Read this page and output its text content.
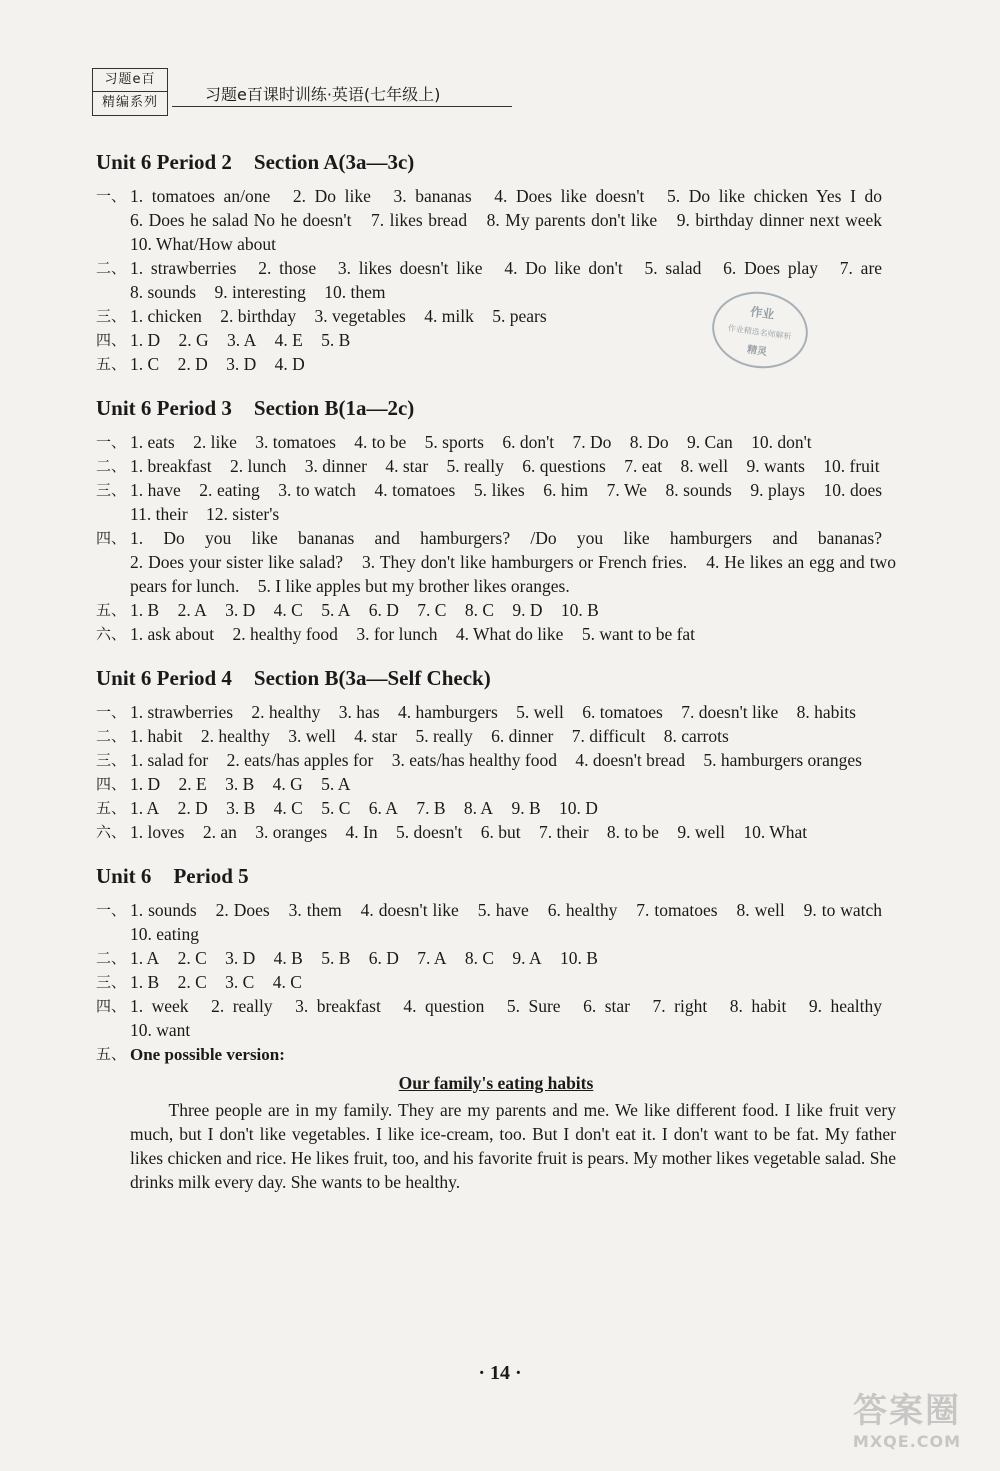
习题e百
精编系列	习题e百课时训练·英语(七年级上)
Unit 6 Period 2 Section A(3a—3c)
一、 1. tomatoes an/one 2. Do like 3. bananas 4. Does like doesn't 5. Do like chicken Yes I do 6. Does he salad No he doesn't 7. likes bread 8. My parents don't like 9. birthday dinner next week 10. What/How about
二、 1. strawberries 2. those 3. likes doesn't like 4. Do like don't 5. salad 6. Does play 7. are 8. sounds 9. interesting 10. them
三、 1. chicken 2. birthday 3. vegetables 4. milk 5. pears
四、 1. D 2. G 3. A 4. E 5. B
五、 1. C 2. D 3. D 4. D
Unit 6 Period 3 Section B(1a—2c)
一、 1. eats 2. like 3. tomatoes 4. to be 5. sports 6. don't 7. Do 8. Do 9. Can 10. don't
二、 1. breakfast 2. lunch 3. dinner 4. star 5. really 6. questions 7. eat 8. well 9. wants 10. fruit
三、 1. have 2. eating 3. to watch 4. tomatoes 5. likes 6. him 7. We 8. sounds 9. plays 10. does 11. their 12. sister's
四、 1. Do you like bananas and hamburgers? /Do you like hamburgers and bananas? 2. Does your sister like salad? 3. They don't like hamburgers or French fries. 4. He likes an egg and two pears for lunch. 5. I like apples but my brother likes oranges.
五、 1. B 2. A 3. D 4. C 5. A 6. D 7. C 8. C 9. D 10. B
六、 1. ask about 2. healthy food 3. for lunch 4. What do like 5. want to be fat
Unit 6 Period 4 Section B(3a—Self Check)
一、 1. strawberries 2. healthy 3. has 4. hamburgers 5. well 6. tomatoes 7. doesn't like 8. habits
二、 1. habit 2. healthy 3. well 4. star 5. really 6. dinner 7. difficult 8. carrots
三、 1. salad for 2. eats/has apples for 3. eats/has healthy food 4. doesn't bread 5. hamburgers oranges
四、 1. D 2. E 3. B 4. G 5. A
五、 1. A 2. D 3. B 4. C 5. C 6. A 7. B 8. A 9. B 10. D
六、 1. loves 2. an 3. oranges 4. In 5. doesn't 6. but 7. their 8. to be 9. well 10. What
Unit 6 Period 5
一、 1. sounds 2. Does 3. them 4. doesn't like 5. have 6. healthy 7. tomatoes 8. well 9. to watch 10. eating
二、 1. A 2. C 3. D 4. B 5. B 6. D 7. A 8. C 9. A 10. B
三、 1. B 2. C 3. C 4. C
四、 1. week 2. really 3. breakfast 4. question 5. Sure 6. star 7. right 8. habit 9. healthy 10. want
五、 One possible version:
Our family's eating habits
Three people are in my family. They are my parents and me. We like different food. I like fruit very much, but I don't like vegetables. I like ice-cream, too. But I don't eat it. I don't want to be fat. My father likes chicken and rice. He likes fruit, too, and his favorite fruit is pears. My mother likes vegetable salad. She drinks milk every day. She wants to be healthy.
作业
作业精选名师解析
精灵
· 14 ·
答案圈
MXQE.COM
